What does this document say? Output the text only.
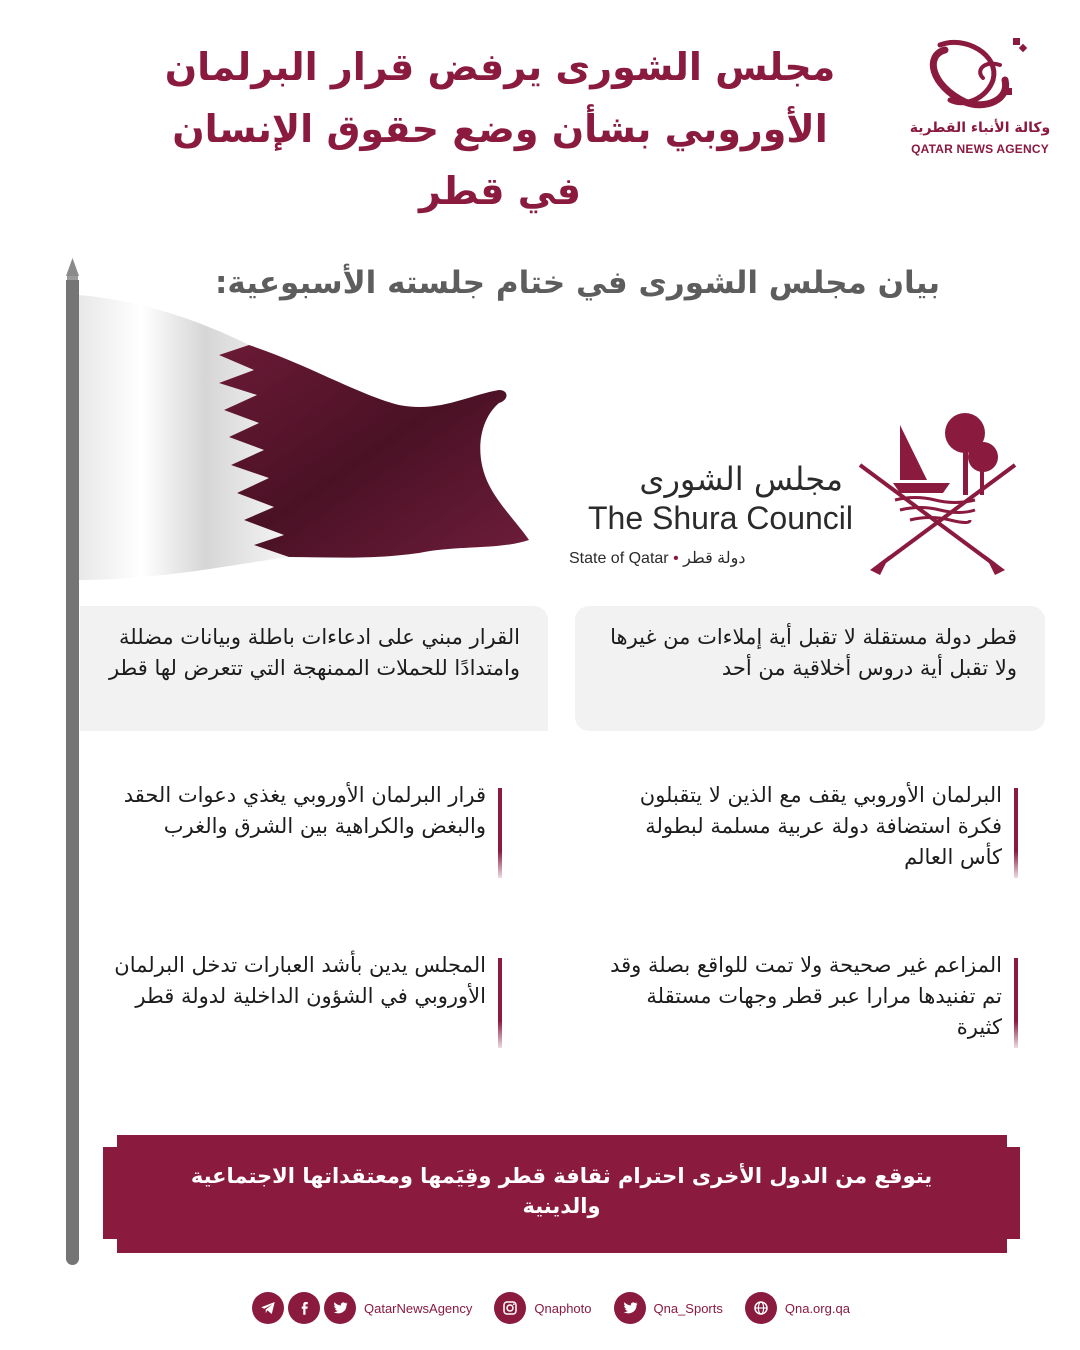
مجلس الشورى يرفض قرار البرلمان
الأوروبي بشأن وضع حقوق الإنسان
في قطر
وكالة الأنباء القطرية
QATAR NEWS AGENCY
بيان مجلس الشورى في ختام جلسته الأسبوعية:
مجلس الشورى
The Shura Council
State of Qatar • دولة قطر
قطر دولة مستقلة لا تقبل أية إملاءات من غيرها ولا تقبل أية دروس أخلاقية من أحد
القرار مبني على ادعاءات باطلة وبيانات مضللة وامتدادًا للحملات الممنهجة التي تتعرض لها قطر
البرلمان الأوروبي يقف مع الذين لا يتقبلون فكرة استضافة دولة عربية مسلمة لبطولة كأس العالم
قرار البرلمان الأوروبي يغذي دعوات الحقد والبغض والكراهية بين الشرق والغرب
المزاعم غير صحيحة ولا تمت للواقع بصلة وقد تم تفنيدها مرارا عبر قطر وجهات مستقلة كثيرة
المجلس يدين بأشد العبارات تدخل البرلمان الأوروبي في الشؤون الداخلية لدولة قطر
يتوقع من الدول الأخرى احترام ثقافة قطر وقِيَمها ومعتقداتها الاجتماعية والدينية
QatarNewsAgency	Qnaphoto	Qna_Sports	Qna.org.qa
